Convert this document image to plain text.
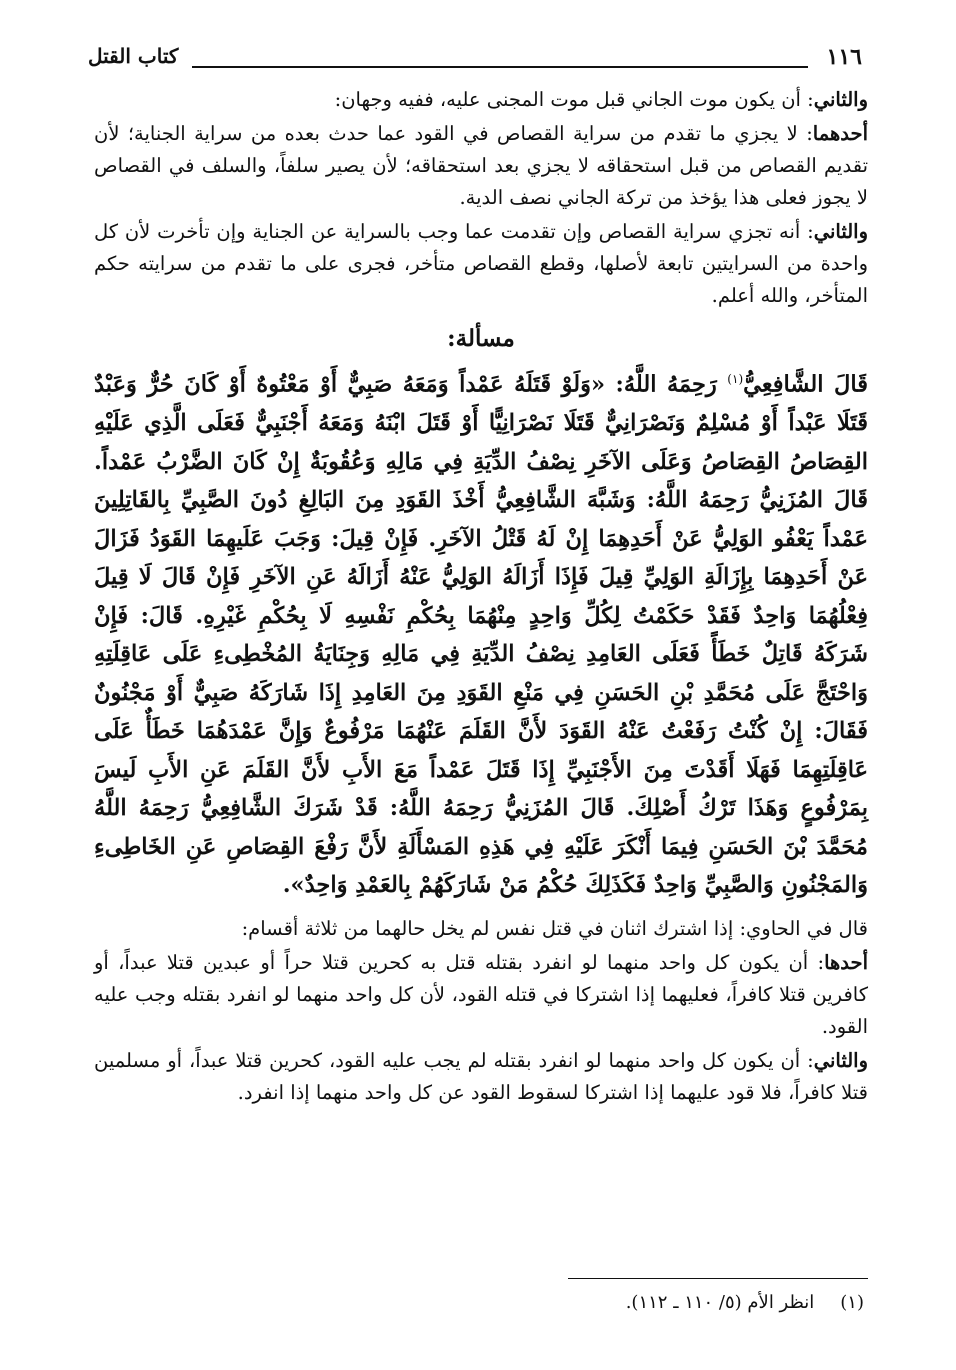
١١٦
كتاب القتل

والثاني: أن يكون موت الجاني قبل موت المجنى عليه، ففيه وجهان:

أحدهما: لا يجزي ما تقدم من سراية القصاص في القود عما حدث بعده من سراية الجناية؛ لأن تقديم القصاص من قبل استحقاقه لا يجزي بعد استحقاقه؛ لأن يصير سلفاً، والسلف في القصاص لا يجوز فعلى هذا يؤخذ من تركة الجاني نصف الدية.

والثاني: أنه تجزي سراية القصاص وإن تقدمت عما وجب بالسراية عن الجناية وإن تأخرت لأن كل واحدة من السرايتين تابعة لأصلها، وقطع القصاص متأخر، فجرى على ما تقدم من سرايته حكم المتأخر، والله أعلم.

مسألة:

قَالَ الشَّافِعِيُّ$^{(١)}$ رَحِمَهُ اللَّهُ: «وَلَوْ قَتَلَهُ عَمْداً وَمَعَهُ صَبِيٌّ أَوْ مَعْتُوهٌ أَوْ كَانَ حُرٌّ وَعَبْدٌ قَتَلَا عَبْداً أَوْ مُسْلِمٌ وَنَصْرَانِيٌّ قَتَلَا نَصْرَانِيًّا أَوْ قَتَلَ ابْنَهُ وَمَعَهُ أَجْنَبِيٌّ فَعَلَى الَّذِي عَلَيْهِ القِصَاصُ القِصَاصُ وَعَلَى الآخَرِ نِصْفُ الدِّيَةِ فِي مَالِهِ وَعُقُوبَةٌ إِنْ كَانَ الضَّرْبُ عَمْداً. قَالَ المُزَنِيُّ رَحِمَهُ اللَّهُ: وَشَبَّهَ الشَّافِعِيُّ أَخْذَ القَوَدِ مِنَ البَالِغِ دُونَ الصَّبِيِّ بِالقَاتِلِينَ عَمْداً يَعْفُو الوَلِيُّ عَنْ أَحَدِهِمَا إِنْ لَهُ قَتْلُ الآخَرِ. فَإِنْ قِيلَ: وَجَبَ عَلَيهِمَا القَوَدُ فَزَالَ عَنْ أَحَدِهِمَا بِإِزَالَةِ الوَلِيِّ قِيلَ فَإِذَا أَزَالَهُ الوَلِيُّ عَنْهُ أَزَالَهُ عَنِ الآخَرِ فَإِنْ قَالَ لَا قِيلَ فِعْلُهُمَا وَاحِدٌ فَقَدْ حَكَمْتُ لِكُلِّ وَاحِدٍ مِنْهُمَا بِحُكْمِ نَفْسِهِ لَا بِحُكْمِ غَيْرِهِ. قَالَ: فَإِنْ شَرَكَهُ قَاتِلٌ خَطَأً فَعَلَى العَامِدِ نِصْفُ الدِّيَةِ فِي مَالِهِ وَجِنَايَةُ المُخْطِىءِ عَلَى عَاقِلَتِهِ وَاحْتَجَّ عَلَى مُحَمَّدِ بْنِ الحَسَنِ فِي مَنْعِ القَوَدِ مِنَ العَامِدِ إِذَا شَارَكَهُ صَبِيٌّ أَوْ مَجْنُونٌ فَقَالَ: إِنْ كُنْتُ رَفَعْتُ عَنْهُ القَوَدَ لأَنَّ القَلَمَ عَنْهُمَا مَرْفُوعٌ وَإِنَّ عَمْدَهُمَا خَطَأٌ عَلَى عَاقِلَتِهِمَا فَهَلَا أَقَدْتَ مِنَ الأَجْنَبِيِّ إِذَا قَتَلَ عَمْداً مَعَ الأَبِ لأَنَّ القَلَمَ عَنِ الأَبِ لَيسَ بِمَرْفُوعٍ وَهَذَا تَرْكُ أَصْلِكَ. قَالَ المُزَنِيُّ رَحِمَهُ اللَّهُ: قَدْ شَرَكَ الشَّافِعِيُّ رَحِمَهُ اللَّهُ مُحَمَّدَ بْنَ الحَسَنِ فِيمَا أَنْكَرَ عَلَيْهِ فِي هَذِهِ المَسْأَلَةِ لأَنَّ رَفْعَ القِصَاصِ عَنِ الخَاطِىءِ وَالمَجْنُونِ وَالصَّبِيِّ وَاحِدٌ فَكَذَلِكَ حُكْمُ مَنْ شَارَكَهُمْ بِالعَمْدِ وَاحِدٌ».

قال في الحاوي: إذا اشترك اثنان في قتل نفس لم يخل حالهما من ثلاثة أقسام:

أحدها: أن يكون كل واحد منهما لو انفرد بقتله قتل به كحرين قتلا حراً أو عبدين قتلا عبداً، أو كافرين قتلا كافراً، فعليهما إذا اشتركا في قتله القود، لأن كل واحد منهما لو انفرد بقتله وجب عليه القود.

والثاني: أن يكون كل واحد منهما لو انفرد بقتله لم يجب عليه القود، كحرين قتلا عبداً، أو مسلمين قتلا كافراً، فلا قود عليهما إذا اشتركا لسقوط القود عن كل واحد منهما إذا انفرد.

(١)انظر الأم (٥/ ١١٠ ـ ١١٢).
